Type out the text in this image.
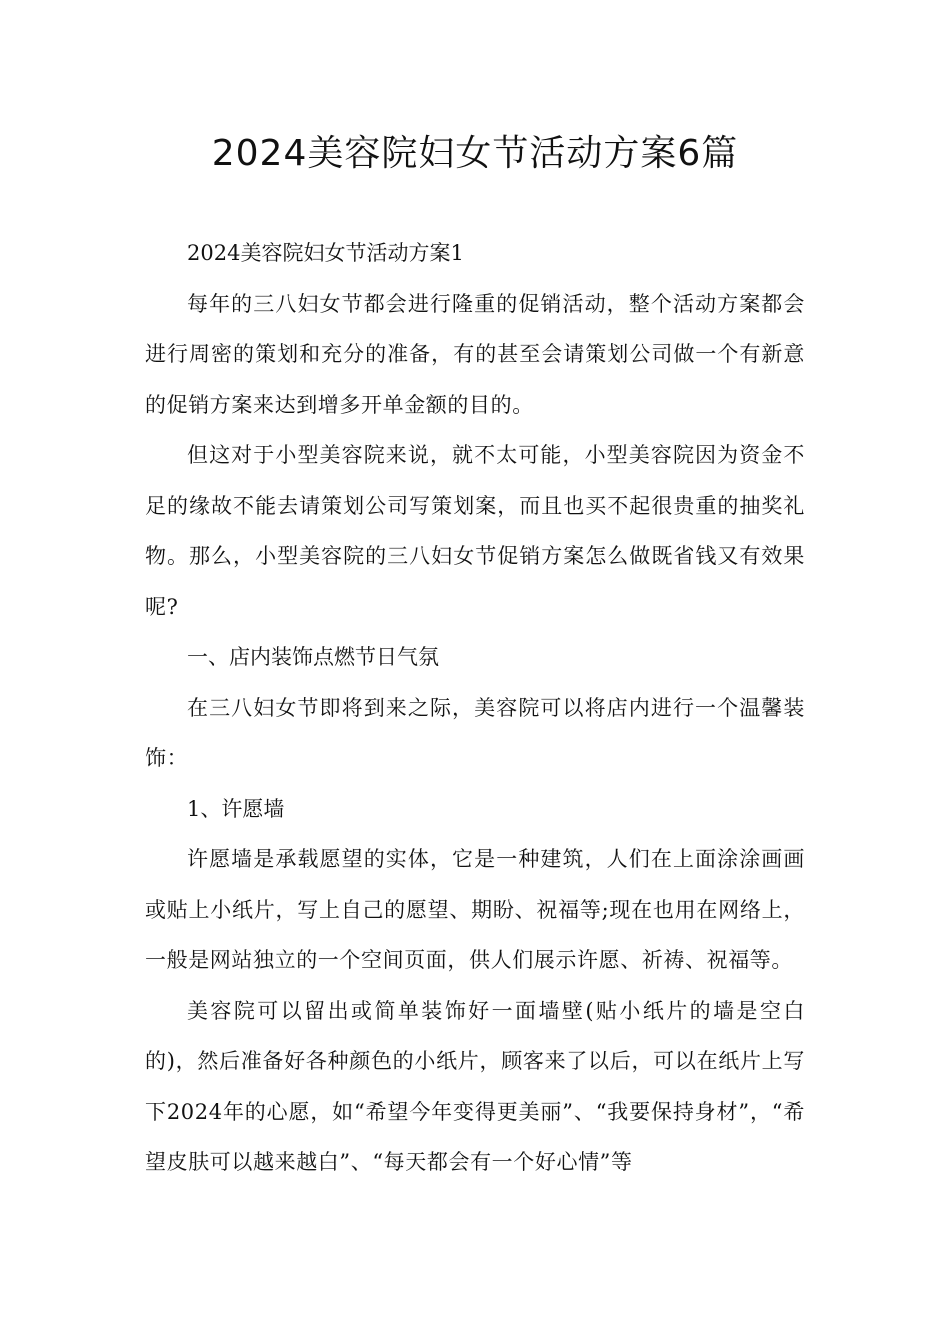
2024美容院妇女节活动方案6篇

2024美容院妇女节活动方案1

每年的三八妇女节都会进行隆重的促销活动，整个活动方案都会进行周密的策划和充分的准备，有的甚至会请策划公司做一个有新意的促销方案来达到增多开单金额的目的。

但这对于小型美容院来说，就不太可能，小型美容院因为资金不足的缘故不能去请策划公司写策划案，而且也买不起很贵重的抽奖礼物。那么，小型美容院的三八妇女节促销方案怎么做既省钱又有效果呢?

一、店内装饰点燃节日气氛

在三八妇女节即将到来之际，美容院可以将店内进行一个温馨装饰：

1、许愿墙

许愿墙是承载愿望的实体，它是一种建筑，人们在上面涂涂画画或贴上小纸片，写上自己的愿望、期盼、祝福等;现在也用在网络上，一般是网站独立的一个空间页面，供人们展示许愿、祈祷、祝福等。

美容院可以留出或简单装饰好一面墙壁(贴小纸片的墙是空白的)，然后准备好各种颜色的小纸片，顾客来了以后，可以在纸片上写下2024年的心愿，如“希望今年变得更美丽”、“我要保持身材”，“希望皮肤可以越来越白”、“每天都会有一个好心情”等
